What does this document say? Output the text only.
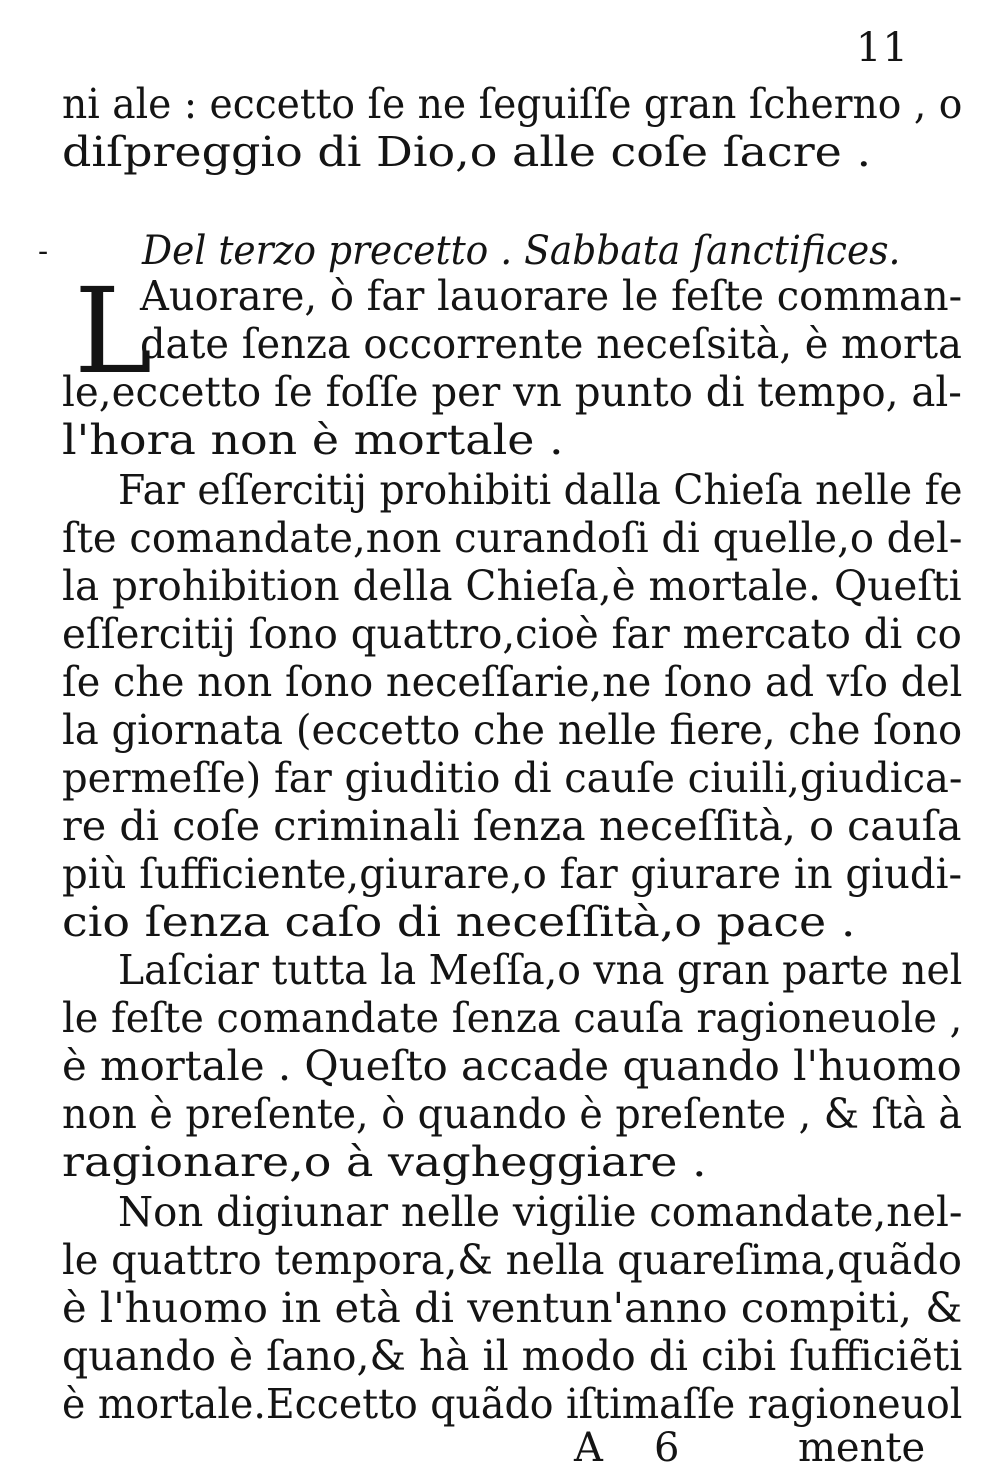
11
ni ale : eccetto ſe ne ſeguiſſe gran ſcherno , o
diſpreggio di Dio,o alle coſe ſacre .
- Del terzo precetto . Sabbata ſanctifices.
L
Auorare, ò far lauorare le feſte comman-
date ſenza occorrente neceſsità, è morta
le,eccetto ſe foſſe per vn punto di tempo, al-
l'hora non è mortale .
Far eſſercitij prohibiti dalla Chieſa nelle fe
ſte comandate,non curandoſi di quelle,o del-
la prohibition della Chieſa,è mortale. Queſti
eſſercitij ſono quattro,cioè far mercato di co
ſe che non ſono neceſſarie,ne ſono ad vſo del
la giornata (eccetto che nelle fiere, che ſono
permeſſe) far giuditio di cauſe ciuili,giudica-
re di coſe criminali ſenza neceſſità, o cauſa
più ſufficiente,giurare,o far giurare in giudi-
cio ſenza caſo di neceſſità,o pace .
Laſciar tutta la Meſſa,o vna gran parte nel
le feſte comandate ſenza cauſa ragioneuole ,
è mortale . Queſto accade quando l'huomo
non è preſente, ò quando è preſente , & ſtà à
ragionare,o à vagheggiare .
Non digiunar nelle vigilie comandate,nel-
le quattro tempora,& nella quareſima,quãdo
è l'huomo in età di ventun'anno compiti, &
quando è ſano,& hà il modo di cibi ſufficiẽti
è mortale.Eccetto quãdo iſtimaſſe ragioneuol
A 6	mente
